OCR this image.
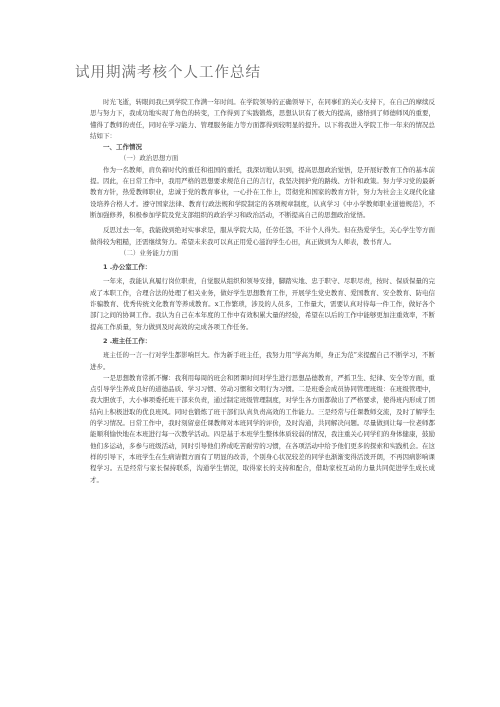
试用期满考核个人工作总结

时光飞逝，转眼间我已到学院工作满一年时间。在学院领导的正确领导下，在同事们的关心支持下，在自己的摩续反思与努力下，我成功地实现了角色的转变，工作得到了实践锻炼，思想认识有了极大的提高，感悟到了师德师风的重要，懂得了教师的责任，同时在学习能力、管理服务能力等方面都得到较明显的提升。以下将我进入学院工作一年来的情况总结如下：

一、工作情况
（一）政治思想方面

作为一名教师，肩负着时代的重任和祖国的重托，我深切地认识到，提高思想政治觉悟，是开展好教育工作的基本前提。因此，在日常工作中，我用严格的思想要求规范自己的言行，我坚决拥护党的路线、方针和政策。努力学习党的最新教育方针，热爱教师职业，忠诚于党的教育事业，一心扑在工作上，贯彻党和国家的教育方针，努力为社会主义现代化建设培养合格人才。遵守国家法律、教育行政法规和学院制定的各项规章制度，认真学习《中小学教师职业道德规范》，不断加强修养，积极参加学院及党支部组织的政治学习和政治活动，不断提高自己的思想政治觉悟。

反思过去一年，我能做到绝对实事求是，服从学院大局，任劳任怨，不计个人得失。但在热爱学生，关心学生等方面做得较为粗糙，还需继续努力。希望未来我可以真正用爱心滋润学生心田，真正做到为人师表，教书育人。

（二）业务能力方面
1 .办公室工作：

一年来，我能认真履行岗位职责，自觉服从组织和领导安排，脚踏实地、忠于职守、尽职尽责，按时、保质保量的完成了本职工作，合理合法的处理了相关业务，做好学生思想教育工作，开展学生党史教育、爱国教育、安全教育、防电信诈骗教育、优秀传统文化教育等养成教育。x工作繁琐，涉及的人员多，工作量大，需要认真对待每一件工作，做好各个部门之间的协调工作。我认为自己在本年度的工作中有效积累大量的经验，希望在以后的工作中能够更加注重效率，不断提高工作质量，努力做到及时高效的完成各项工作任务。

2 .班主任工作：

班主任的一言一行对学生都影响巨大。作为新手班主任，我努力用“学高为师，身正为范”来提醒自己不断学习，不断进步。

一是思想教育常抓不懈：我利用每周的班会和团课时间对学生进行思想品德教育，严抓卫生、纪律、安全等方面，重点引导学生养成良好的道德品质、学习习惯、劳动习惯和文明行为习惯。二是班委会成员协同管理班级：在班级管理中，我大胆放手，大小事项委托班干部来负责，通过制定班级管理制度，对学生各方面都做出了严格要求，使得班内形成了团结向上积极进取的优良班风。同时也锻炼了班干部们认真负责高效的工作能力。三是经常与任课教师交流，及时了解学生的学习情况。日常工作中，我时刻留意任课教师对本班同学的评价，及时沟通，共同解决问题。尽量做到让每一位老师都能顺利愉快地在本班进行每一次教学活动。四是基于本班学生整体体质较弱的情况，我注重关心同学们的身体健康，鼓励他们多运动，多参与班级活动，同时引导他们养成吃苦耐劳的习惯，在各项活动中给予他们更多的探索和实践机会。在这样的引导下，本班学生在生病请假方面有了明显的改善，个别身心状况较差的同学也渐渐变得活泼开朗，不再因病影响课程学习。五是经常与家长保持联系，沟通学生情况，取得家长的支持和配合，借助家校互动的力量共同促进学生成长成才。
